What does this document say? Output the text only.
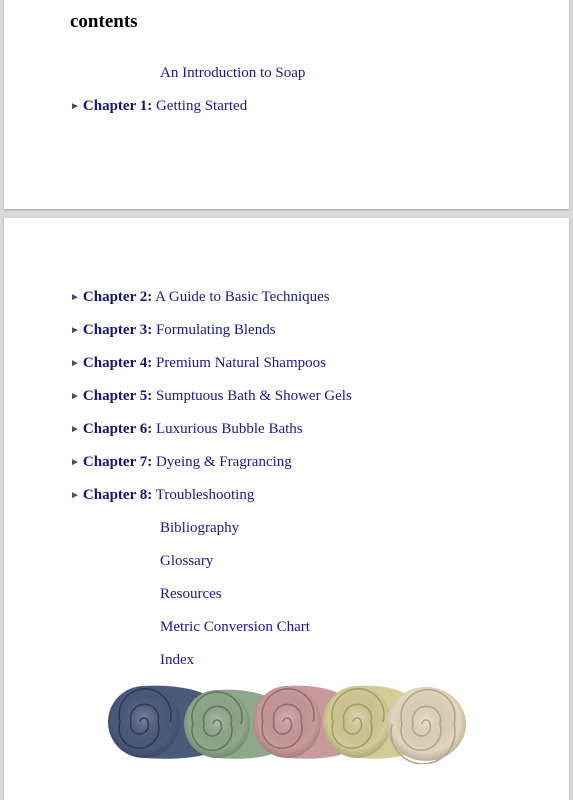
contents
An Introduction to Soap
► Chapter 1: Getting Started
► Chapter 2: A Guide to Basic Techniques
► Chapter 3: Formulating Blends
► Chapter 4: Premium Natural Shampoos
► Chapter 5: Sumptuous Bath & Shower Gels
► Chapter 6: Luxurious Bubble Baths
► Chapter 7: Dyeing & Fragrancing
► Chapter 8: Troubleshooting
Bibliography
Glossary
Resources
Metric Conversion Chart
Index
